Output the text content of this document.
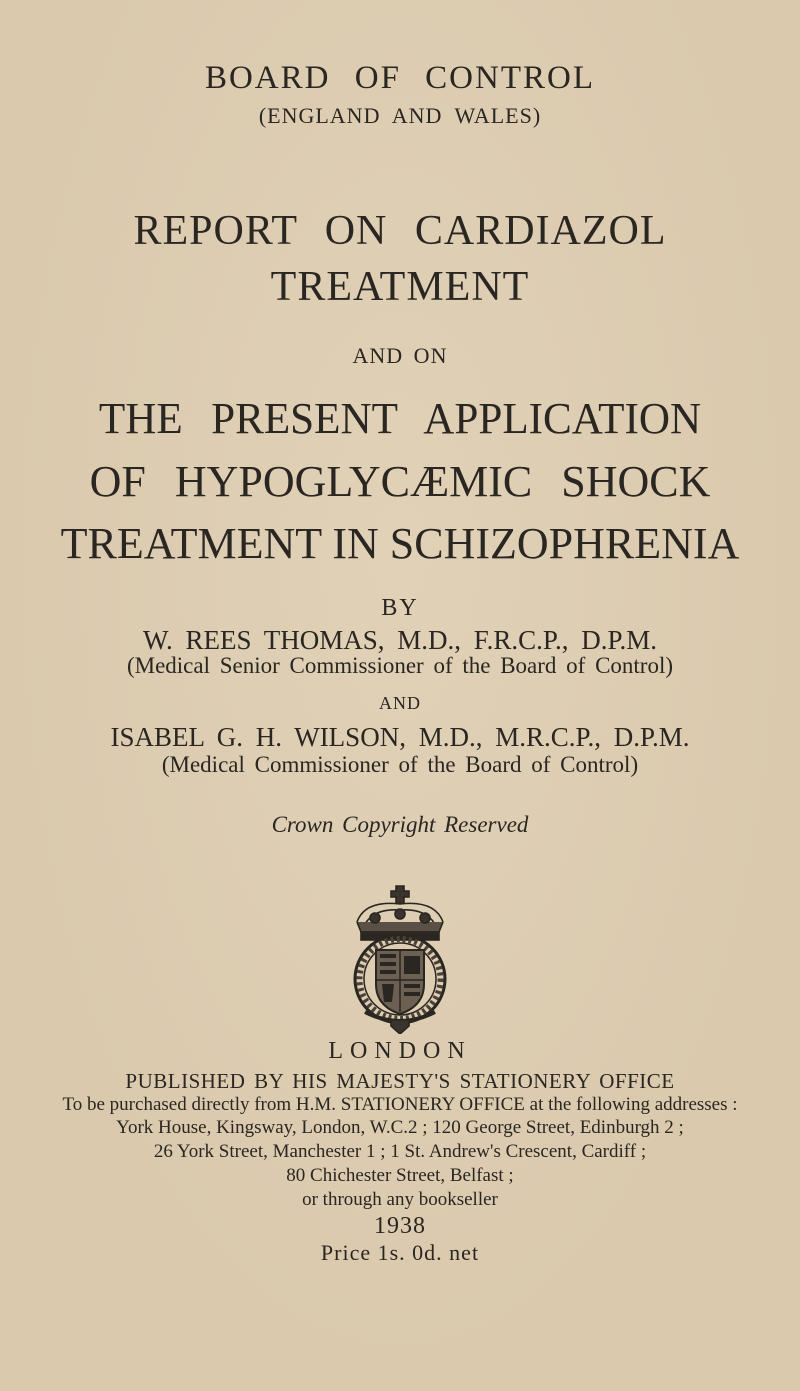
BOARD OF CONTROL
(ENGLAND AND WALES)
REPORT ON CARDIAZOL
TREATMENT
AND ON
THE PRESENT APPLICATION
OF HYPOGLYCÆMIC SHOCK
TREATMENT IN SCHIZOPHRENIA
BY
W. REES THOMAS, M.D., F.R.C.P., D.P.M.
(Medical Senior Commissioner of the Board of Control)
AND
ISABEL G. H. WILSON, M.D., M.R.C.P., D.P.M.
(Medical Commissioner of the Board of Control)
Crown Copyright Reserved
LONDON
PUBLISHED BY HIS MAJESTY'S STATIONERY OFFICE
To be purchased directly from H.M. STATIONERY OFFICE at the following addresses :
York House, Kingsway, London, W.C.2 ; 120 George Street, Edinburgh 2 ;
26 York Street, Manchester 1 ; 1 St. Andrew's Crescent, Cardiff ;
80 Chichester Street, Belfast ;
or through any bookseller
1938
Price 1s. 0d. net
